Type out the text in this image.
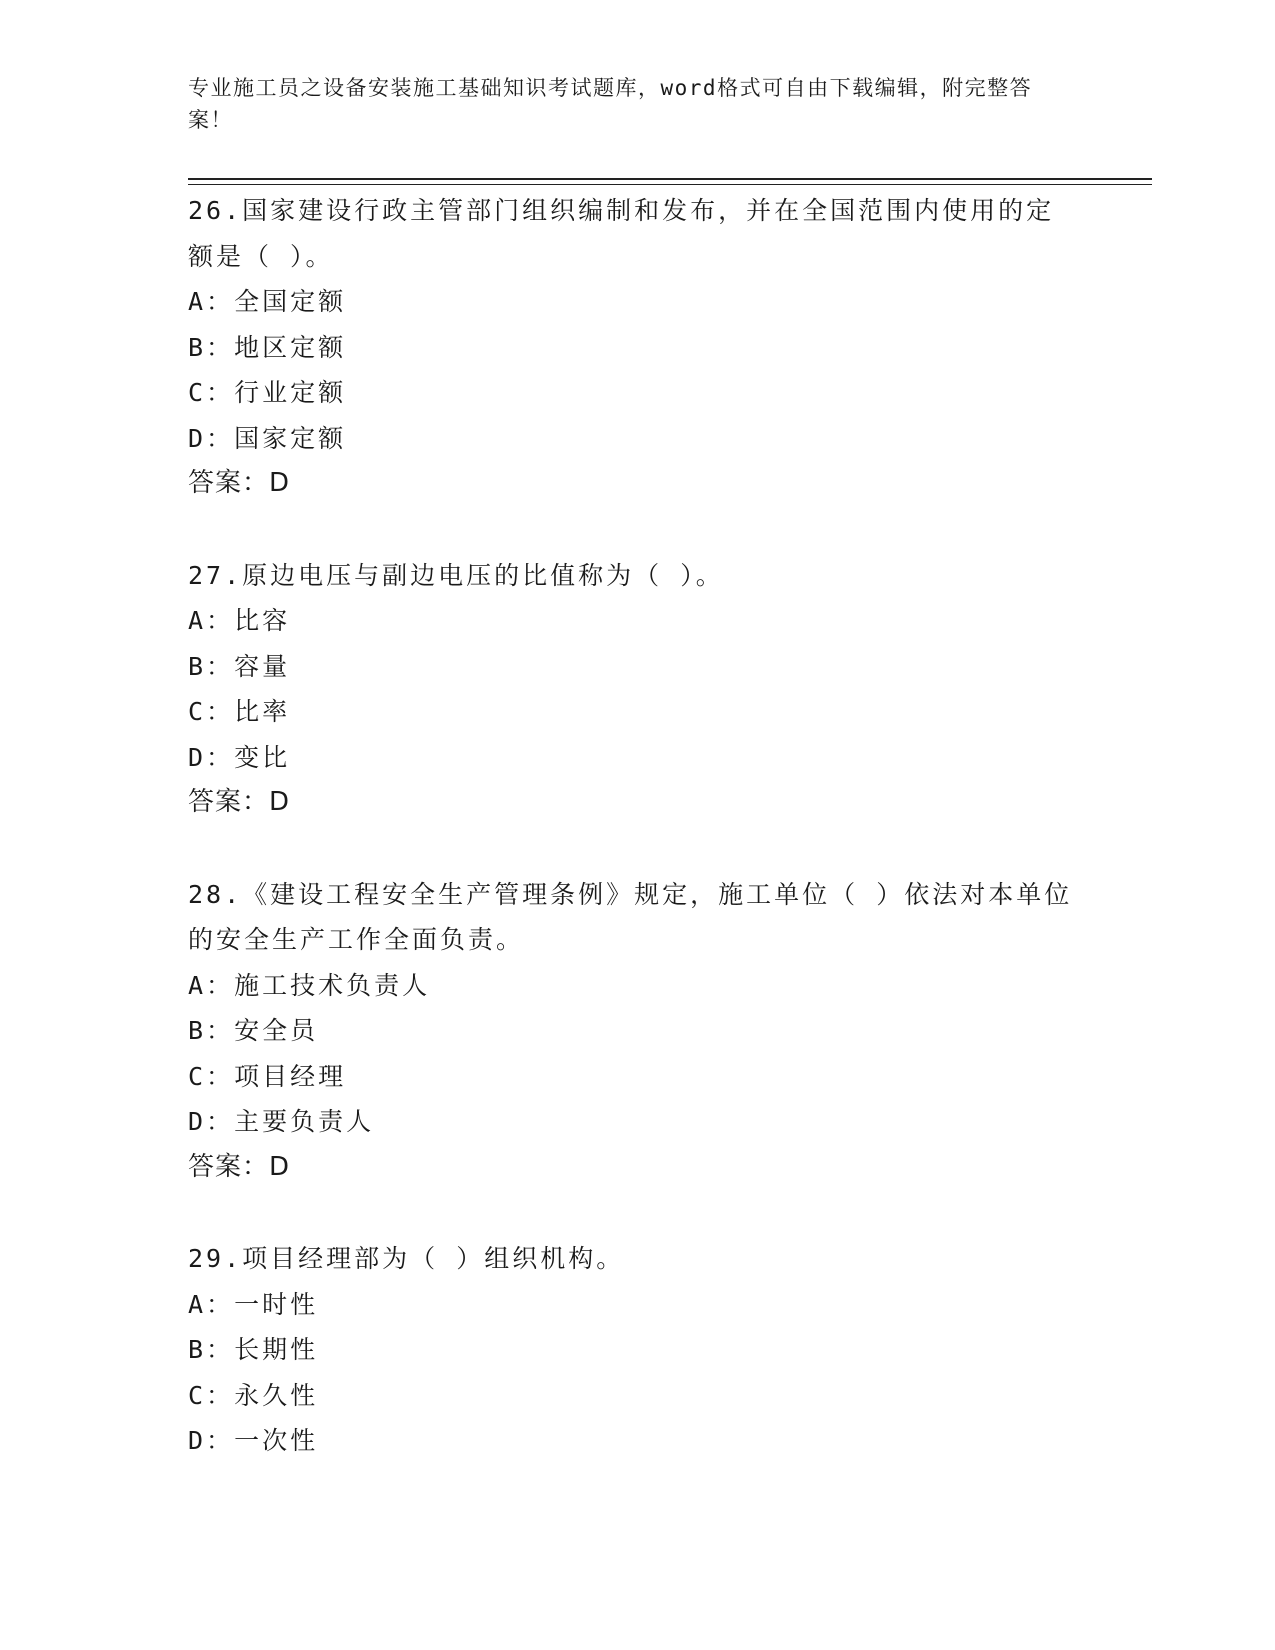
专业施工员之设备安装施工基础知识考试题库，word格式可自由下载编辑，附完整答案！
26.国家建设行政主管部门组织编制和发布，并在全国范围内使用的定额是（ ）。
A： 全国定额
B： 地区定额
C： 行业定额
D： 国家定额
答案：D
27.原边电压与副边电压的比值称为（ ）。
A： 比容
B： 容量
C： 比率
D： 变比
答案：D
28.《建设工程安全生产管理条例》规定，施工单位（ ）依法对本单位的安全生产工作全面负责。
A： 施工技术负责人
B： 安全员
C： 项目经理
D： 主要负责人
答案：D
29.项目经理部为（ ）组织机构。
A： 一时性
B： 长期性
C： 永久性
D： 一次性
